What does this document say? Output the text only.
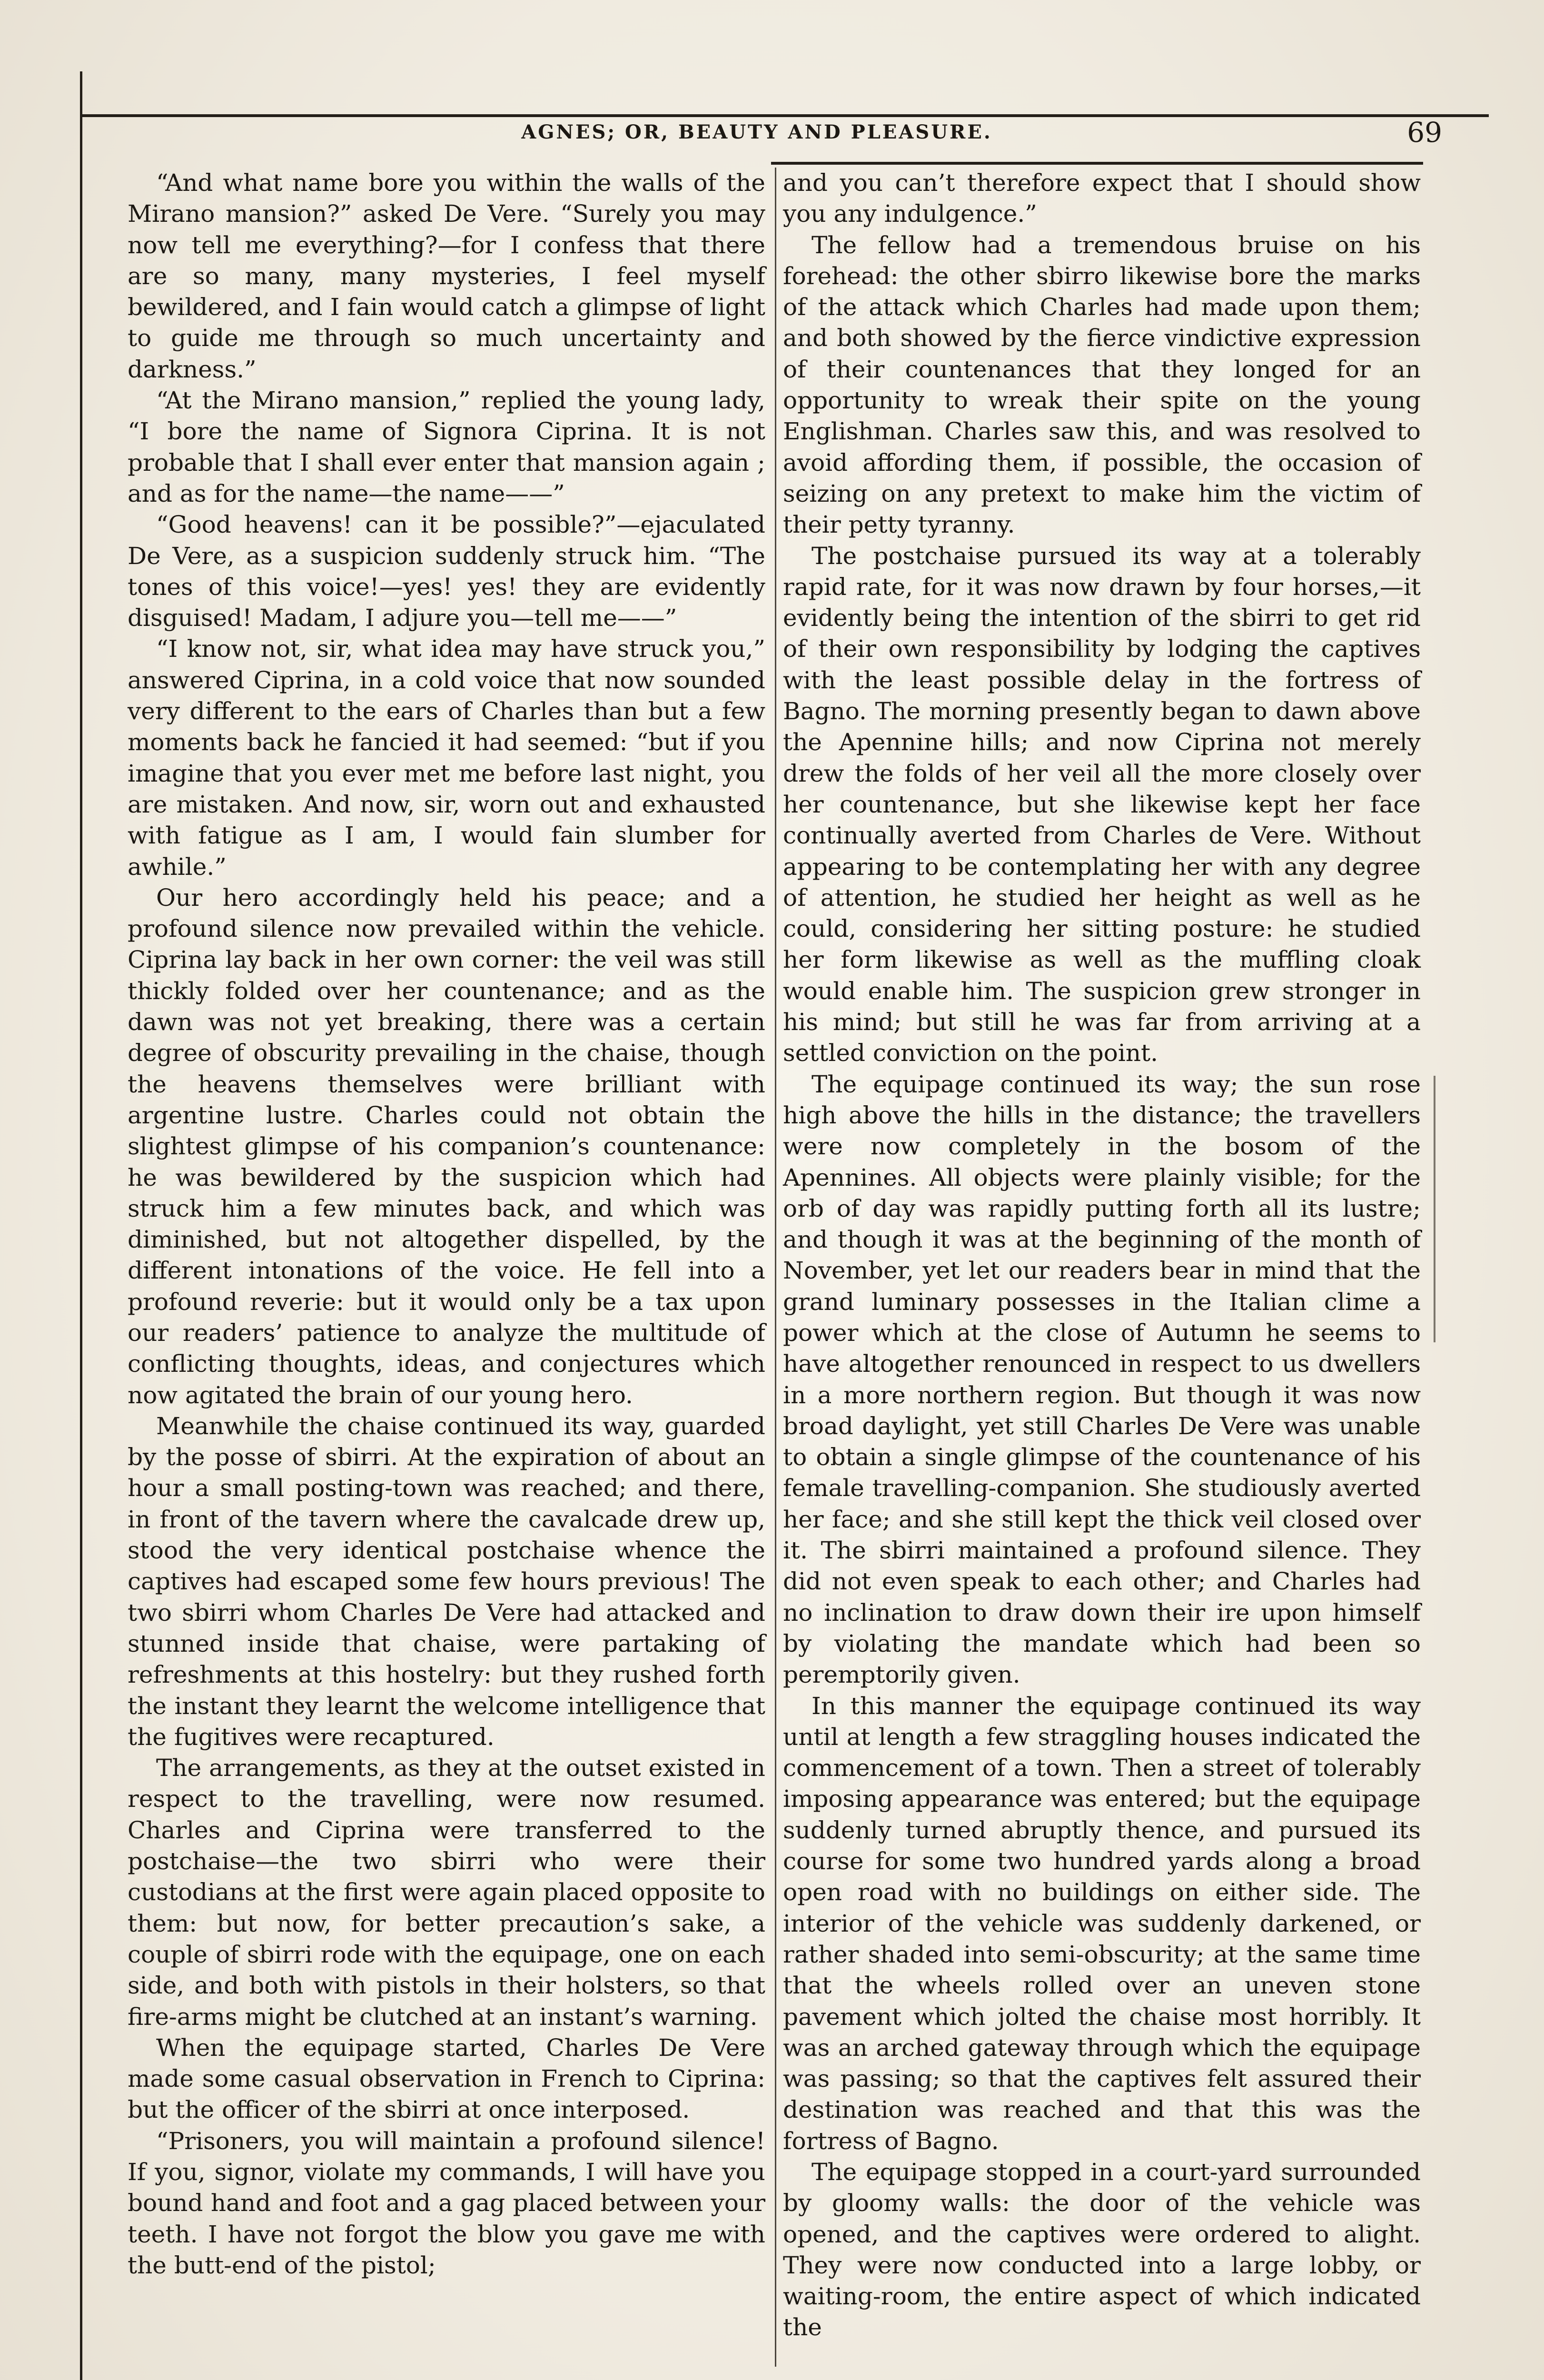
AGNES; OR, BEAUTY AND PLEASURE.	69

“And what name bore you within the walls of the Mirano mansion?” asked De Vere. “Surely you may now tell me everything?—for I confess that there are so many, many mysteries, I feel myself bewildered, and I fain would catch a glimpse of light to guide me through so much uncertainty and darkness.”

“At the Mirano mansion,” replied the young lady, “I bore the name of Signora Ciprina. It is not probable that I shall ever enter that mansion again ; and as for the name—the name——”

“Good heavens! can it be possible?”—ejaculated De Vere, as a suspicion suddenly struck him. “The tones of this voice!—yes! yes! they are evidently disguised! Madam, I adjure you—tell me——”

“I know not, sir, what idea may have struck you,” answered Ciprina, in a cold voice that now sounded very different to the ears of Charles than but a few moments back he fancied it had seemed: “but if you imagine that you ever met me before last night, you are mistaken. And now, sir, worn out and exhausted with fatigue as I am, I would fain slumber for awhile.”

Our hero accordingly held his peace; and a profound silence now prevailed within the vehicle. Ciprina lay back in her own corner: the veil was still thickly folded over her countenance; and as the dawn was not yet breaking, there was a certain degree of obscurity prevailing in the chaise, though the heavens themselves were brilliant with argentine lustre. Charles could not obtain the slightest glimpse of his companion’s countenance: he was bewildered by the suspicion which had struck him a few minutes back, and which was diminished, but not altogether dispelled, by the different intonations of the voice. He fell into a profound reverie: but it would only be a tax upon our readers’ patience to analyze the multitude of conflicting thoughts, ideas, and conjectures which now agitated the brain of our young hero.

Meanwhile the chaise continued its way, guarded by the posse of sbirri. At the expiration of about an hour a small posting-town was reached; and there, in front of the tavern where the cavalcade drew up, stood the very identical postchaise whence the captives had escaped some few hours previous! The two sbirri whom Charles De Vere had attacked and stunned inside that chaise, were partaking of refreshments at this hostelry: but they rushed forth the instant they learnt the welcome intelligence that the fugitives were recaptured.

The arrangements, as they at the outset existed in respect to the travelling, were now resumed. Charles and Ciprina were transferred to the postchaise—the two sbirri who were their custodians at the first were again placed opposite to them: but now, for better precaution’s sake, a couple of sbirri rode with the equipage, one on each side, and both with pistols in their holsters, so that fire-arms might be clutched at an instant’s warning.

When the equipage started, Charles De Vere made some casual observation in French to Ciprina: but the officer of the sbirri at once interposed.

“Prisoners, you will maintain a profound silence! If you, signor, violate my commands, I will have you bound hand and foot and a gag placed between your teeth. I have not forgot the blow you gave me with the butt-end of the pistol;

and you can’t therefore expect that I should show you any indulgence.”

The fellow had a tremendous bruise on his forehead: the other sbirro likewise bore the marks of the attack which Charles had made upon them; and both showed by the fierce vindictive expression of their countenances that they longed for an opportunity to wreak their spite on the young Englishman. Charles saw this, and was resolved to avoid affording them, if possible, the occasion of seizing on any pretext to make him the victim of their petty tyranny.

The postchaise pursued its way at a tolerably rapid rate, for it was now drawn by four horses,—it evidently being the intention of the sbirri to get rid of their own responsibility by lodging the captives with the least possible delay in the fortress of Bagno. The morning presently began to dawn above the Apennine hills; and now Ciprina not merely drew the folds of her veil all the more closely over her countenance, but she likewise kept her face continually averted from Charles de Vere. Without appearing to be contemplating her with any degree of attention, he studied her height as well as he could, considering her sitting posture: he studied her form likewise as well as the muffling cloak would enable him. The suspicion grew stronger in his mind; but still he was far from arriving at a settled conviction on the point.

The equipage continued its way; the sun rose high above the hills in the distance; the travellers were now completely in the bosom of the Apennines. All objects were plainly visible; for the orb of day was rapidly putting forth all its lustre; and though it was at the beginning of the month of November, yet let our readers bear in mind that the grand luminary possesses in the Italian clime a power which at the close of Autumn he seems to have altogether renounced in respect to us dwellers in a more northern region. But though it was now broad daylight, yet still Charles De Vere was unable to obtain a single glimpse of the countenance of his female travelling-companion. She studiously averted her face; and she still kept the thick veil closed over it. The sbirri maintained a profound silence. They did not even speak to each other; and Charles had no inclination to draw down their ire upon himself by violating the mandate which had been so peremptorily given.

In this manner the equipage continued its way until at length a few straggling houses indicated the commencement of a town. Then a street of tolerably imposing appearance was entered; but the equipage suddenly turned abruptly thence, and pursued its course for some two hundred yards along a broad open road with no buildings on either side. The interior of the vehicle was suddenly darkened, or rather shaded into semi-obscurity; at the same time that the wheels rolled over an uneven stone pavement which jolted the chaise most horribly. It was an arched gateway through which the equipage was passing; so that the captives felt assured their destination was reached and that this was the fortress of Bagno.

The equipage stopped in a court-yard surrounded by gloomy walls: the door of the vehicle was opened, and the captives were ordered to alight. They were now conducted into a large lobby, or waiting-room, the entire aspect of which indicated the
